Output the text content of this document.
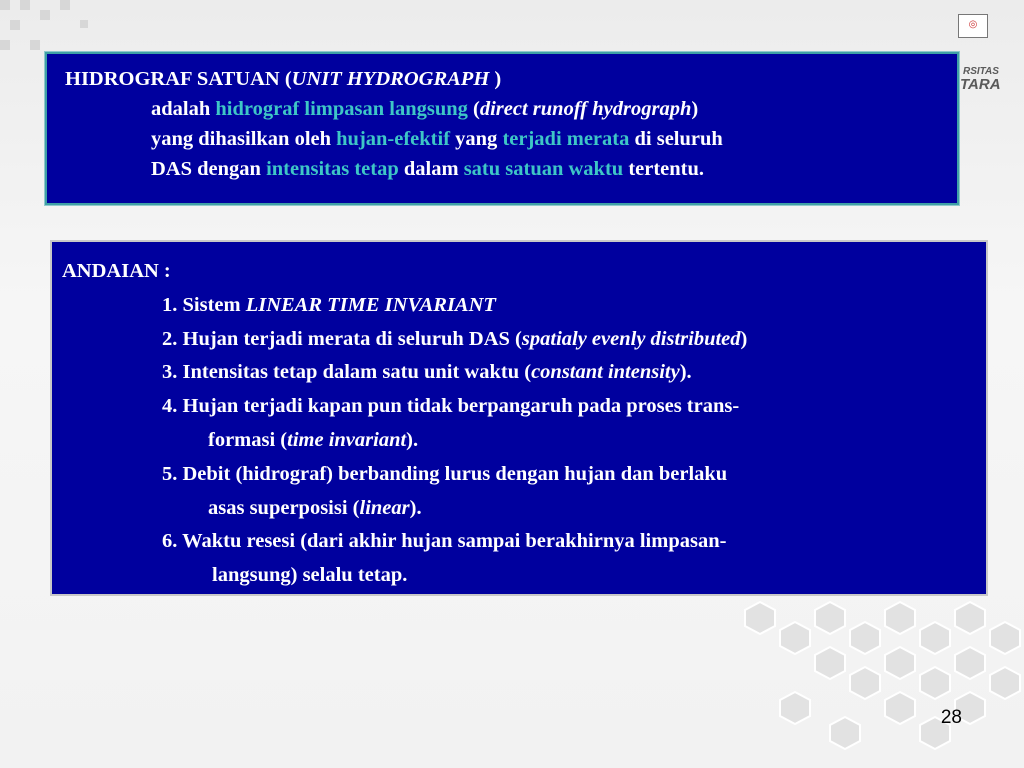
◎
RSITAS
TARA
HIDROGRAF SATUAN (UNIT HYDROGRAPH )
adalah hidrograf limpasan langsung (direct runoff hydrograph)
yang dihasilkan oleh hujan-efektif yang terjadi merata di seluruh
DAS dengan intensitas tetap dalam satu satuan waktu tertentu.
ANDAIAN :
1. Sistem LINEAR TIME INVARIANT
2. Hujan terjadi merata di seluruh DAS (spatialy evenly distributed)
3. Intensitas tetap dalam satu unit waktu (constant intensity).
4. Hujan terjadi kapan pun tidak berpangaruh pada proses trans-
formasi (time invariant).
5. Debit (hidrograf) berbanding lurus dengan hujan dan berlaku
asas superposisi (linear).
6. Waktu resesi (dari akhir hujan sampai berakhirnya limpasan-
langsung) selalu tetap.
28
